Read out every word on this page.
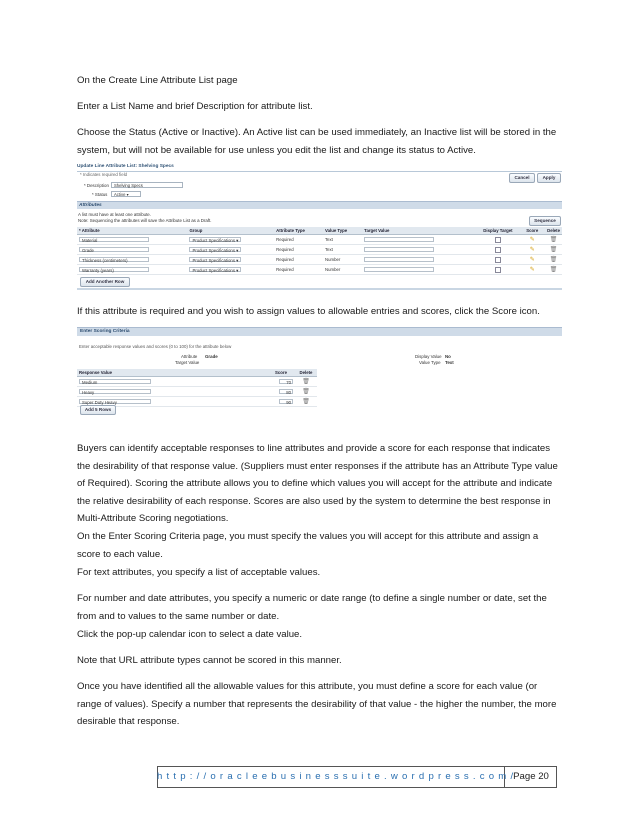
On the Create Line Attribute List page

Enter a List Name and brief Description for attribute list.

Choose the Status (Active or Inactive). An Active list can be used immediately, an Inactive list will be stored in the system, but will not be available for use unless you edit the list and change its status to Active.

Update Line Attribute List: Shelving Specs
* Indicates required field
Cancel	Apply
* Description	Shelving Specs
* Status	Active ▾
Attributes
A list must have at least one attribute.
Note: Sequencing the attributes will save the Attribute List as a Draft.	Sequence
* Attribute	Group	Attribute Type	Value Type	Target Value	Display Target	Score	Delete
Material	Product Specifications ▾	Required	Text			✎	🗑
Grade	Product Specifications ▾	Required	Text			✎	🗑
Thickness (centimeters)	Product Specifications ▾	Required	Number			✎	🗑
Warranty (years)	Product Specifications ▾	Required	Number			✎	🗑
Add Another Row

If this attribute is required and you wish to assign values to allowable entries and scores, click the Score icon.

Enter Scoring Criteria
Enter acceptable response values and scores (0 to 100) for the attribute below
Attribute Grade
Target Value
Display Value No
Value Type Text
Response Value	Score	Delete
Medium	70	🗑
Heavy	80	🗑
Super Duty Heavy	90	🗑
Add 5 Rows

Buyers can identify acceptable responses to line attributes and provide a score for each response that indicates the desirability of that response value. (Suppliers must enter responses if the attribute has an Attribute Type value of Required). Scoring the attribute allows you to define which values you will accept for the attribute and indicate the relative desirability of each response. Scores are also used by the system to determine the best response in Multi-Attribute Scoring negotiations.

On the Enter Scoring Criteria page, you must specify the values you will accept for this attribute and assign a score to each value.

For text attributes, you specify a list of acceptable values.

For number and date attributes, you specify a numeric or date range (to define a single number or date, set the from and to values to the same number or date.

Click the pop-up calendar icon to select a date value.

Note that URL attribute types cannot be scored in this manner.

Once you have identified all the allowable values for this attribute, you must define a score for each value (or range of values). Specify a number that represents the desirability of that value - the higher the number, the more desirable that response.

http://oracleebusinesssuite.wordpress.com/
Page 20
